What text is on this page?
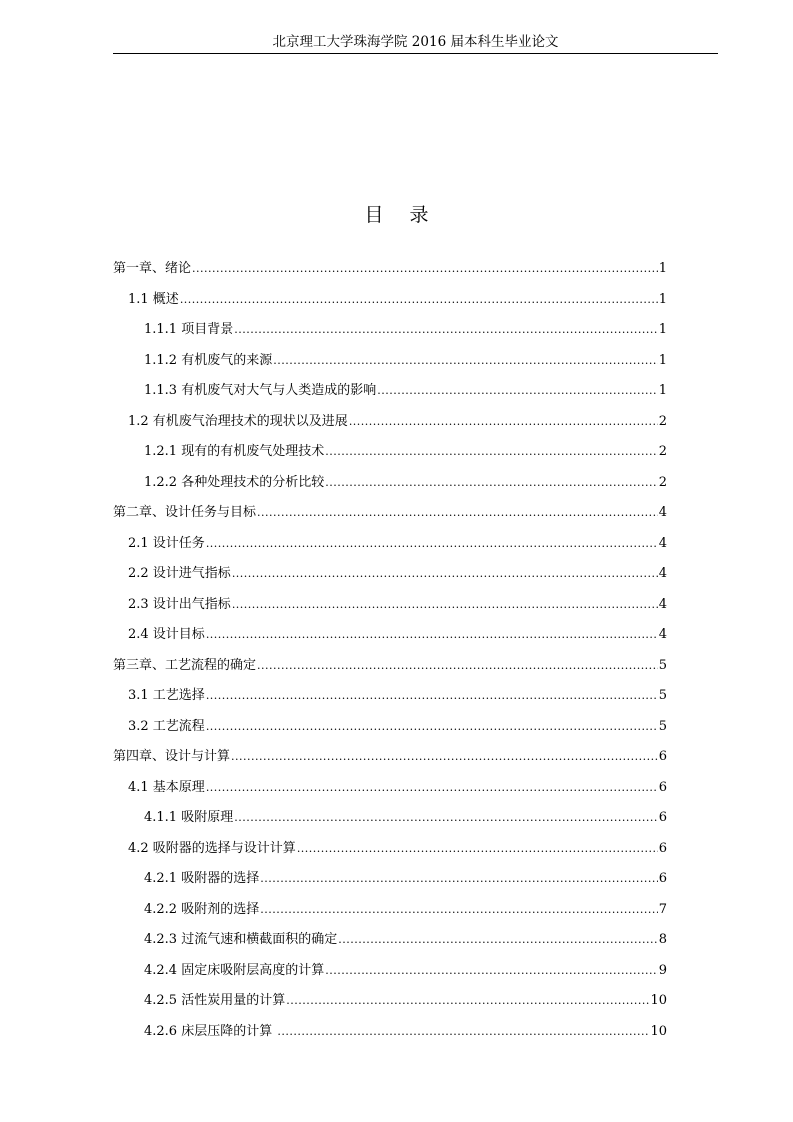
北京理工大学珠海学院 2016 届本科生毕业论文
目 录
第一章、绪论 .....	1
1.1 概述 .....	1
1.1.1 项目背景 .....	1
1.1.2 有机废气的来源 .....	1
1.1.3 有机废气对大气与人类造成的影响 .....	1
1.2 有机废气治理技术的现状以及进展 .....	2
1.2.1 现有的有机废气处理技术 .....	2
1.2.2 各种处理技术的分析比较 .....	2
第二章、设计任务与目标 .....	4
2.1 设计任务 .....	4
2.2 设计进气指标 .....	4
2.3 设计出气指标 .....	4
2.4 设计目标 .....	4
第三章、工艺流程的确定 .....	5
3.1 工艺选择 .....	5
3.2 工艺流程 .....	5
第四章、设计与计算 .....	6
4.1 基本原理 .....	6
4.1.1 吸附原理 .....	6
4.2 吸附器的选择与设计计算 .....	6
4.2.1 吸附器的选择 .....	6
4.2.2 吸附剂的选择 .....	7
4.2.3 过流气速和横截面积的确定 .....	8
4.2.4 固定床吸附层高度的计算 .....	9
4.2.5 活性炭用量的计算 .....	10
4.2.6 床层压降的计算 .....	10
